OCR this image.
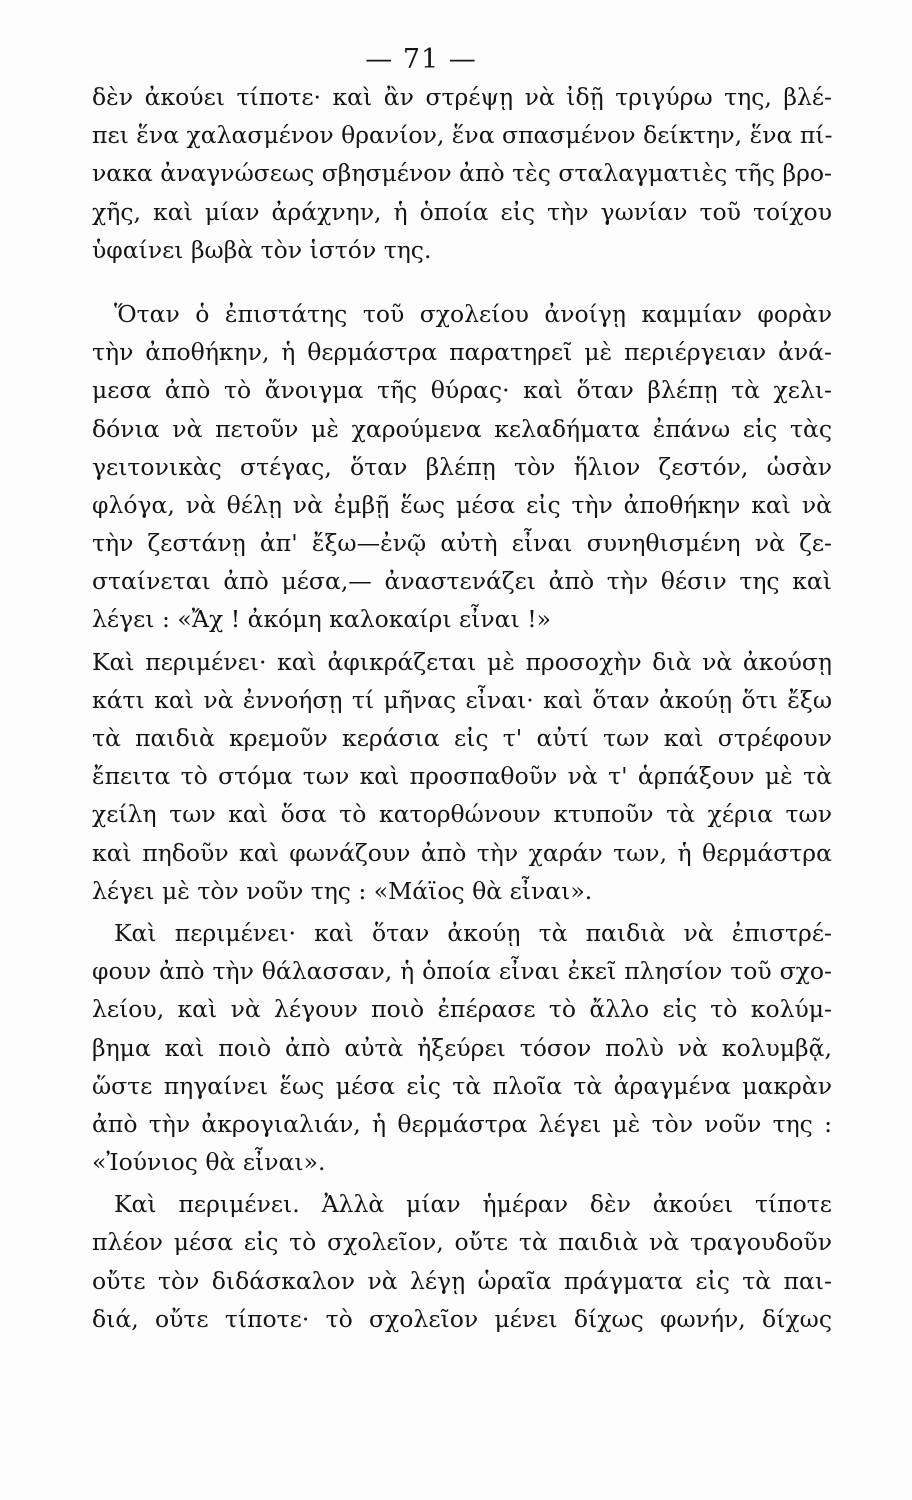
— 71 —
δὲν ἀκούει τίποτε· καὶ ἂν στρέψῃ νὰ ἰδῇ τριγύρω της, βλέ-
πει ἕνα χαλασμένον θρανίον, ἕνα σπασμένον δείκτην, ἕνα πί-
νακα ἀναγνώσεως σβησμένον ἀπὸ τὲς σταλαγματιὲς τῆς βρο-
χῆς, καὶ μίαν ἀράχνην, ἡ ὁποία εἰς τὴν γωνίαν τοῦ τοίχου
ὑφαίνει βωβὰ τὸν ἱστόν της.
Ὅταν ὁ ἐπιστάτης τοῦ σχολείου ἀνοίγῃ καμμίαν φορὰν
τὴν ἀποθήκην, ἡ θερμάστρα παρατηρεῖ μὲ περιέργειαν ἀνά-
μεσα ἀπὸ τὸ ἄνοιγμα τῆς θύρας· καὶ ὅταν βλέπῃ τὰ χελι-
δόνια νὰ πετοῦν μὲ χαρούμενα κελαδήματα ἐπάνω εἰς τὰς
γειτονικὰς στέγας, ὅταν βλέπῃ τὸν ἥλιον ζεστόν, ὡσὰν
φλόγα, νὰ θέλῃ νὰ ἐμβῇ ἕως μέσα εἰς τὴν ἀποθήκην καὶ νὰ
τὴν ζεστάνῃ ἀπ' ἔξω—ἐνῷ αὐτὴ εἶναι συνηθισμένη νὰ ζε-
σταίνεται ἀπὸ μέσα,— ἀναστενάζει ἀπὸ τὴν θέσιν της καὶ
λέγει : «Ἄχ ! ἀκόμη καλοκαίρι εἶναι !»
Καὶ περιμένει· καὶ ἀφικράζεται μὲ προσοχὴν διὰ νὰ ἀκούσῃ
κάτι καὶ νὰ ἐννοήσῃ τί μῆνας εἶναι· καὶ ὅταν ἀκούῃ ὅτι ἔξω
τὰ παιδιὰ κρεμοῦν κεράσια εἰς τ' αὐτί των καὶ στρέφουν
ἔπειτα τὸ στόμα των καὶ προσπαθοῦν νὰ τ' ἁρπάξουν μὲ τὰ
χείλη των καὶ ὅσα τὸ κατορθώνουν κτυποῦν τὰ χέρια των
καὶ πηδοῦν καὶ φωνάζουν ἀπὸ τὴν χαράν των, ἡ θερμάστρα
λέγει μὲ τὸν νοῦν της : «Μάϊος θὰ εἶναι».
Καὶ περιμένει· καὶ ὅταν ἀκούῃ τὰ παιδιὰ νὰ ἐπιστρέ-
φουν ἀπὸ τὴν θάλασσαν, ἡ ὁποία εἶναι ἐκεῖ πλησίον τοῦ σχο-
λείου, καὶ νὰ λέγουν ποιὸ ἐπέρασε τὸ ἄλλο εἰς τὸ κολύμ-
βημα καὶ ποιὸ ἀπὸ αὐτὰ ἠξεύρει τόσον πολὺ νὰ κολυμβᾷ,
ὥστε πηγαίνει ἕως μέσα εἰς τὰ πλοῖα τὰ ἀραγμένα μακρὰν
ἀπὸ τὴν ἀκρογιαλιάν, ἡ θερμάστρα λέγει μὲ τὸν νοῦν της :
«Ἰούνιος θὰ εἶναι».
Καὶ περιμένει. Ἀλλὰ μίαν ἡμέραν δὲν ἀκούει τίποτε
πλέον μέσα εἰς τὸ σχολεῖον, οὔτε τὰ παιδιὰ νὰ τραγουδοῦν
οὔτε τὸν διδάσκαλον νὰ λέγῃ ὡραῖα πράγματα εἰς τὰ παι-
διά, οὔτε τίποτε· τὸ σχολεῖον μένει δίχως φωνήν, δίχως
